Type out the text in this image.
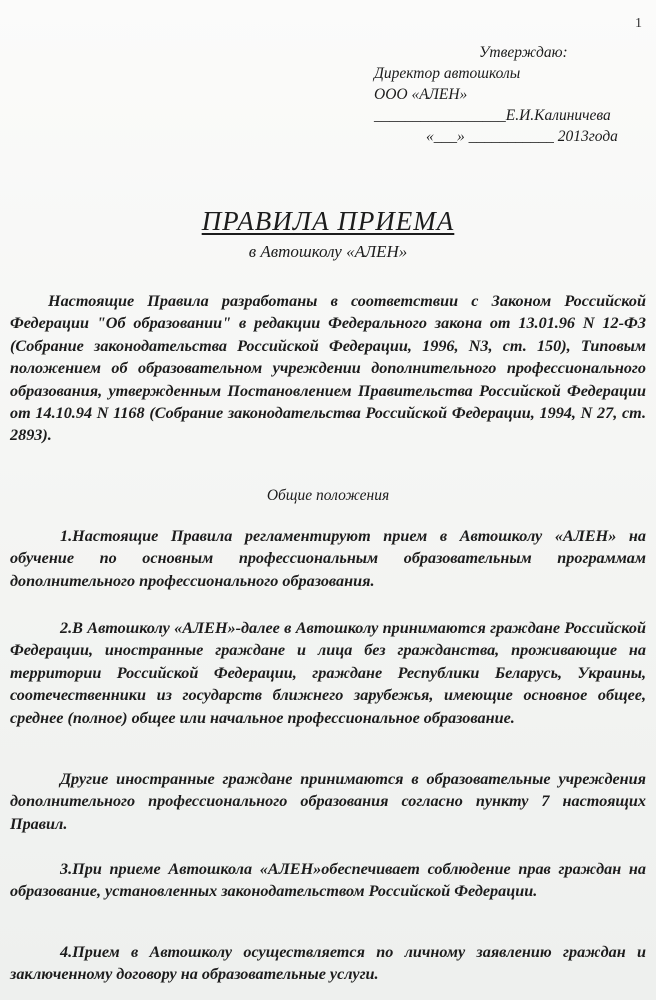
1
Утверждаю:
Директор автошколы
ООО «АЛЕН»
_________________Е.И.Калиничева
«___» ___________ 2013года
ПРАВИЛА ПРИЕМА
в Автошколу «АЛЕН»
Настоящие Правила разработаны в соответствии с Законом Российской Федерации "Об образовании" в редакции Федерального закона от 13.01.96 N 12-ФЗ (Собрание законодательства Российской Федерации, 1996, N3, ст. 150), Типовым положением об образовательном учреждении дополнительного профессионального образования, утвержденным Постановлением Правительства Российской Федерации от 14.10.94 N 1168 (Собрание законодательства Российской Федерации, 1994, N 27, ст. 2893).
Общие положения
1.Настоящие Правила регламентируют прием в Автошколу «АЛЕН» на обучение по основным профессиональным образовательным программам дополнительного профессионального образования.
2.В Автошколу «АЛЕН»-далее в Автошколу принимаются граждане Российской Федерации, иностранные граждане и лица без гражданства, проживающие на территории Российской Федерации, граждане Республики Беларусь, Украины, соотечественники из государств ближнего зарубежья, имеющие основное общее, среднее (полное) общее или начальное профессиональное образование.
Другие иностранные граждане принимаются в образовательные учреждения дополнительного профессионального образования согласно пункту 7 настоящих Правил.
3.При приеме Автошкола «АЛЕН»обеспечивает соблюдение прав граждан на образование, установленных законодательством Российской Федерации.
4.Прием в Автошколу осуществляется по личному заявлению граждан и заключенному договору на образовательные услуги.
